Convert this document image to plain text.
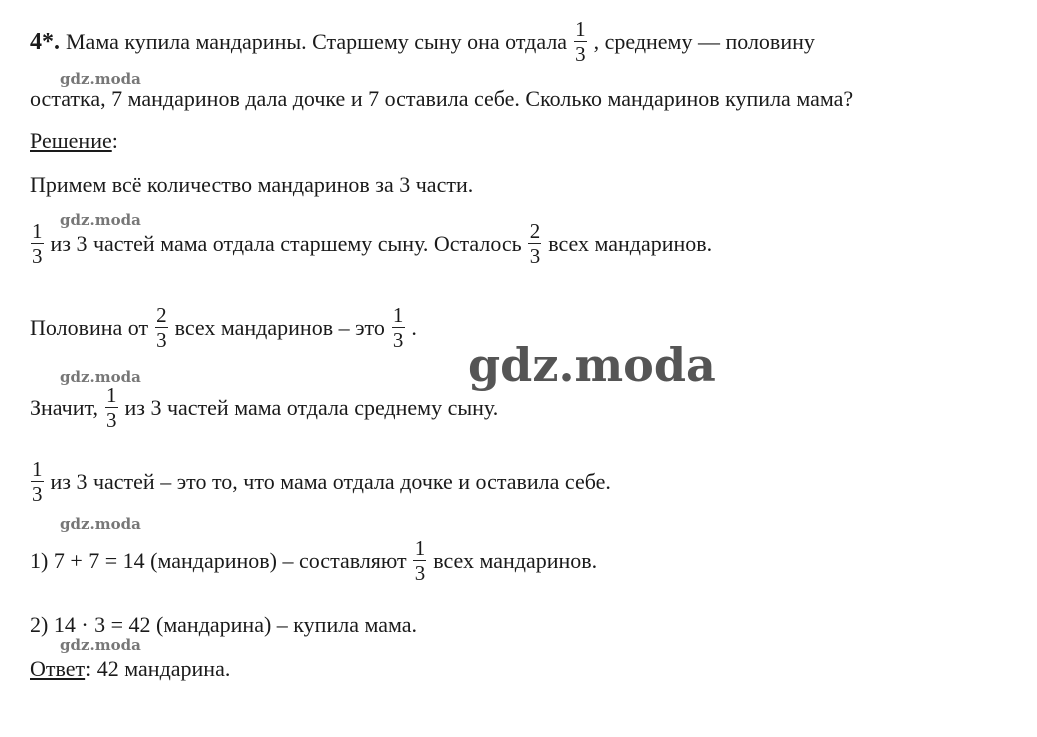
4*. Мама купила мандарины. Старшему сыну она отдала $\frac{1}{3}$ , среднему — половину
остатка, 7 мандаринов дала дочке и 7 оставила себе. Сколько мандаринов купила мама?
Решение :
Примем всё количество мандаринов за 3 части.
$\frac{1}{3}$ из 3 частей мама отдала старшему сыну. Осталось $\frac{2}{3}$ всех мандаринов.
Половина от $\frac{2}{3}$ всех мандаринов – это $\frac{1}{3}$ .
Значит, $\frac{1}{3}$ из 3 частей мама отдала среднему сыну.
$\frac{1}{3}$ из 3 частей – это то, что мама отдала дочке и оставила себе.
1) 7 + 7 = 14 (мандаринов) – составляют $\frac{1}{3}$ всех мандаринов.
2) 14 · 3 = 42 (мандарина) – купила мама.
Ответ : 42 мандарина.
gdz.moda
gdz.moda
gdz.moda
gdz.moda
gdz.moda
gdz.moda
